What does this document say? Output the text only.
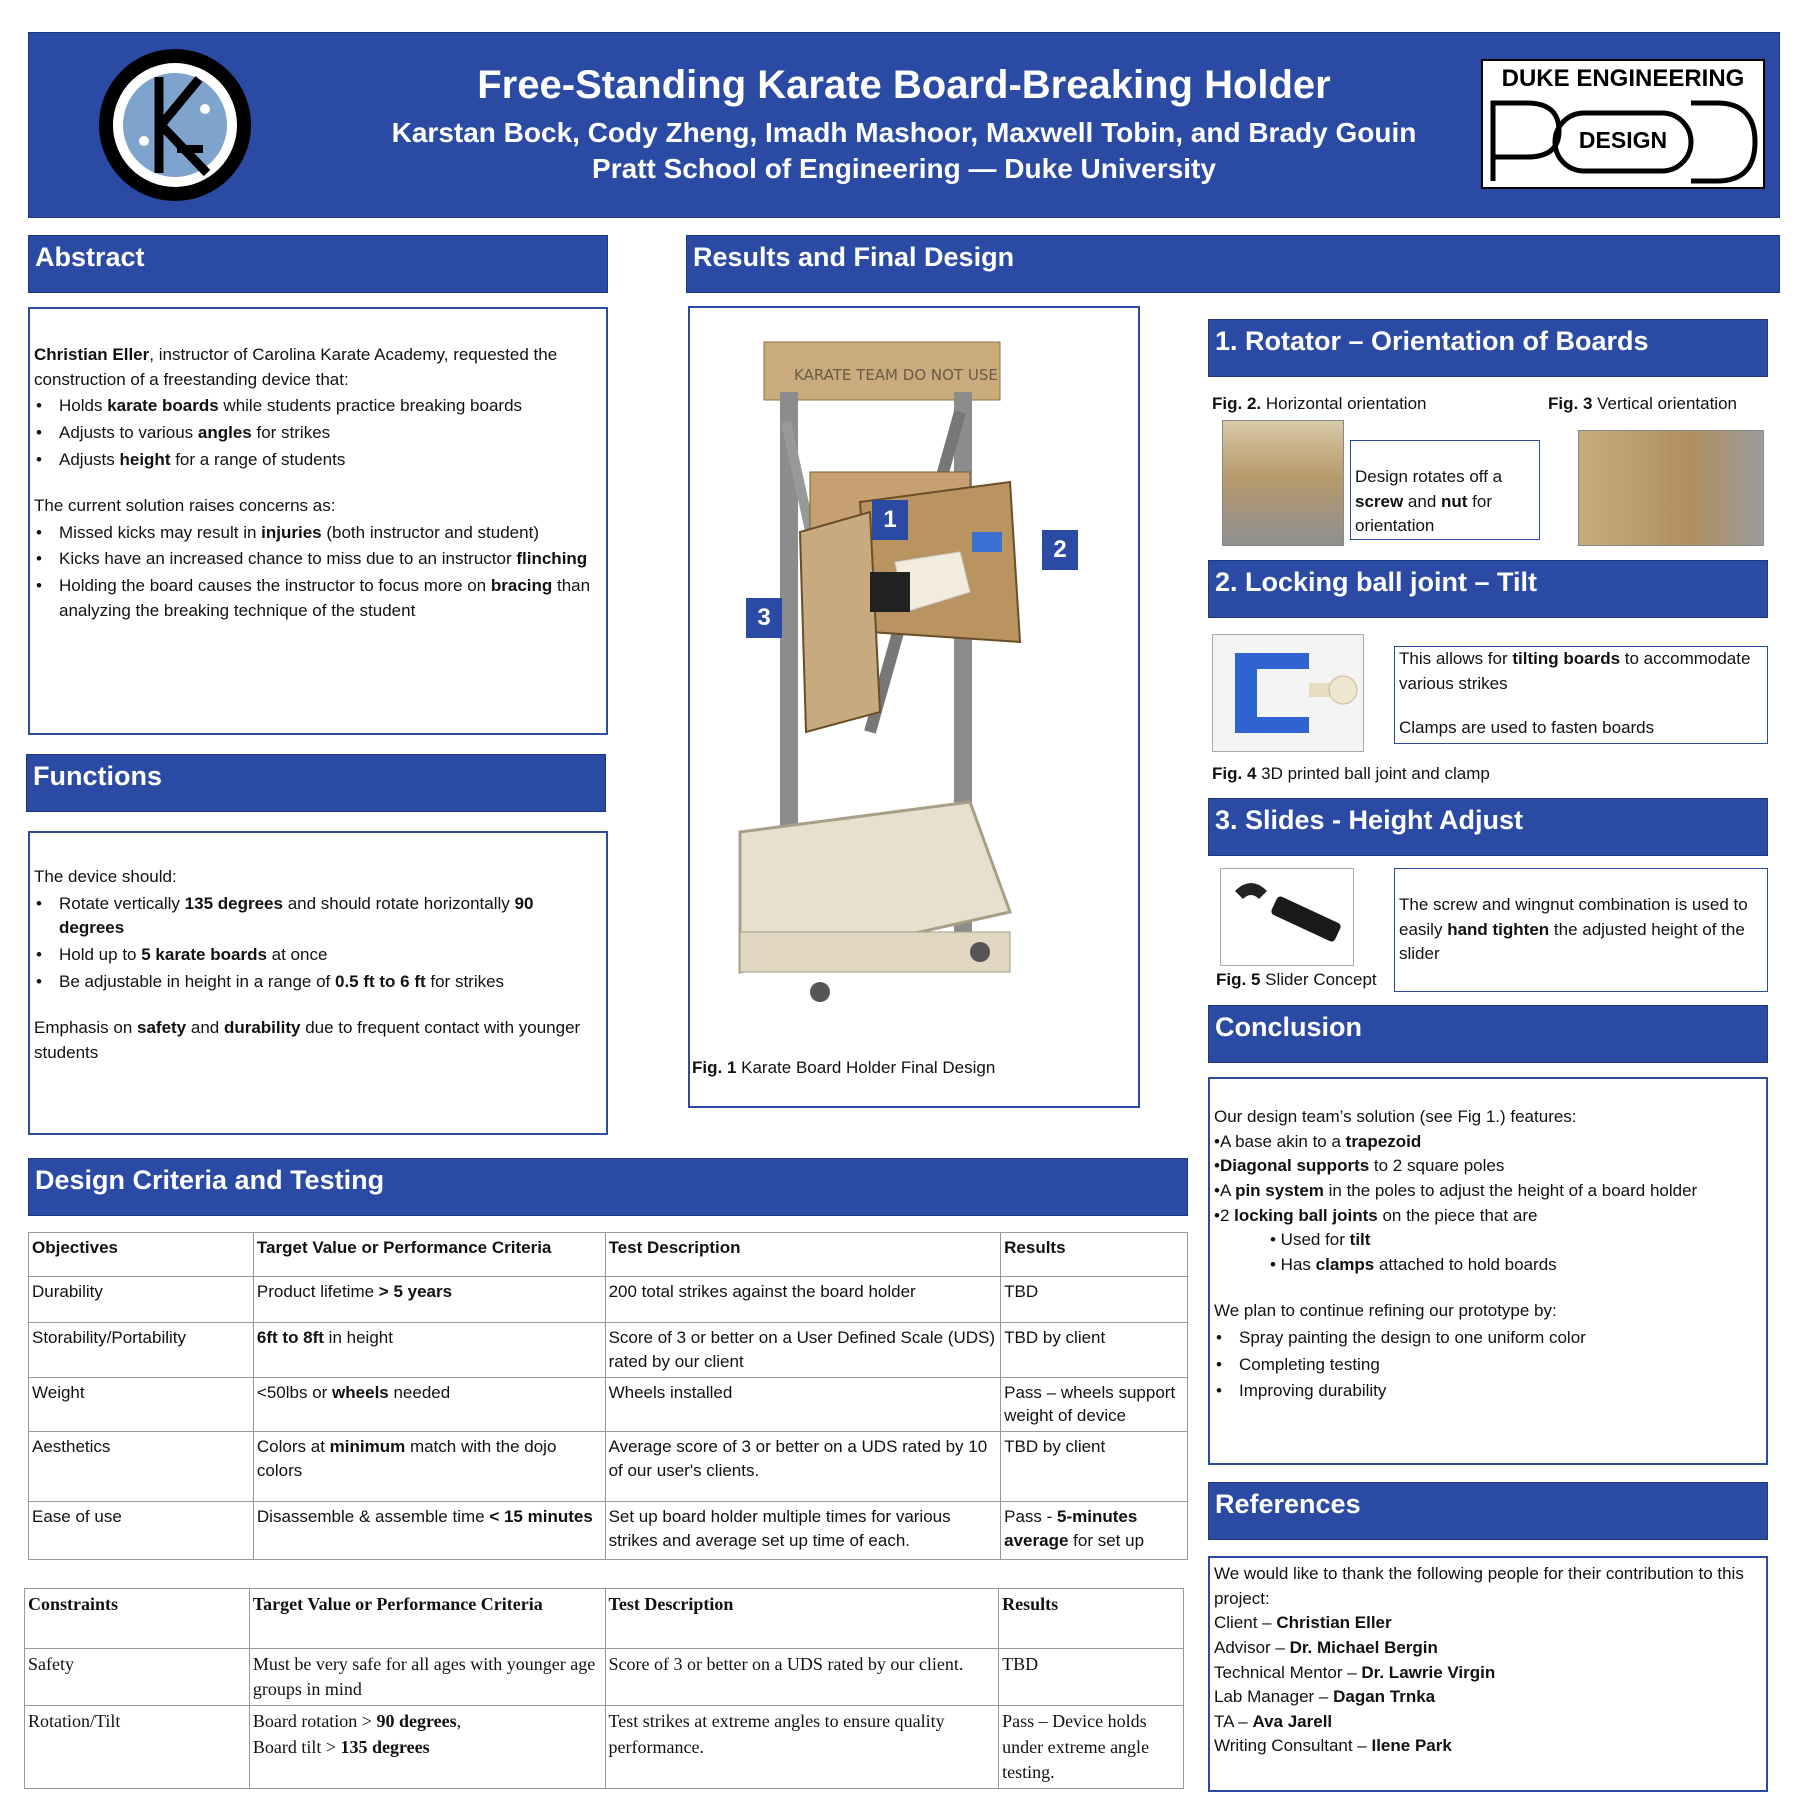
Free-Standing Karate Board-Breaking Holder
Karstan Bock, Cody Zheng, Imadh Mashoor, Maxwell Tobin, and Brady Gouin
Pratt School of Engineering — Duke University
DUKE ENGINEERING
DESIGN
Abstract

Christian Eller, instructor of Carolina Karate Academy, requested the construction of a freestanding device that:

• Holds karate boards while students practice breaking boards
• Adjusts to various angles for strikes
• Adjusts height for a range of students

The current solution raises concerns as:

• Missed kicks may result in injuries (both instructor and student)
• Kicks have an increased chance to miss due to an instructor flinching
• Holding the board causes the instructor to focus more on bracing than analyzing the breaking technique of the student
Functions

The device should:

• Rotate vertically 135 degrees and should rotate horizontally 90 degrees
• Hold up to 5 karate boards at once
• Be adjustable in height in a range of 0.5 ft to 6 ft for strikes

Emphasis on safety and durability due to frequent contact with younger students

Results and Final Design
KARATE TEAM DO NOT USE
1
2
3
Fig. 1 Karate Board Holder Final Design
1. Rotator – Orientation of Boards
Fig. 2. Horizontal orientation	Fig. 3 Vertical orientation
Design rotates off a screw and nut for orientation
2. Locking ball joint – Tilt

This allows for tilting boards to accommodate various strikes

Clamps are used to fasten boards

Fig. 4 3D printed ball joint and clamp
3. Slides - Height Adjust
The screw and wingnut combination is used to easily hand tighten the adjusted height of the slider
Fig. 5 Slider Concept
Conclusion

Our design team’s solution (see Fig 1.) features:

•A base akin to a trapezoid

•Diagonal supports to 2 square poles

•A pin system in the poles to adjust the height of a board holder

•2 locking ball joints on the piece that are

• Used for tilt

• Has clamps attached to hold boards

We plan to continue refining our prototype by:

• Spray painting the design to one uniform color
• Completing testing
• Improving durability
References

We would like to thank the following people for their contribution to this project:

Client – Christian Eller

Advisor – Dr. Michael Bergin

Technical Mentor – Dr. Lawrie Virgin

Lab Manager – Dagan Trnka

TA – Ava Jarell

Writing Consultant – Ilene Park

Design Criteria and Testing
Objectives	Target Value or Performance Criteria	Test Description	Results
Durability	Product lifetime > 5 years	200 total strikes against the board holder	TBD
Storability/Portability	6ft to 8ft in height	Score of 3 or better on a User Defined Scale (UDS) rated by our client	TBD by client
Weight	<50lbs or wheels needed	Wheels installed	Pass – wheels support weight of device
Aesthetics	Colors at minimum match with the dojo colors	Average score of 3 or better on a UDS rated by 10 of our user's clients.	TBD by client
Ease of use	Disassemble & assemble time < 15 minutes	Set up board holder multiple times for various strikes and average set up time of each.	Pass - 5-minutes average for set up
Constraints	Target Value or Performance Criteria	Test Description	Results
Safety	Must be very safe for all ages with younger age groups in mind	Score of 3 or better on a UDS rated by our client.	TBD
Rotation/Tilt	Board rotation > 90 degrees,
Board tilt > 135 degrees	Test strikes at extreme angles to ensure quality performance.	Pass – Device holds under extreme angle testing.
